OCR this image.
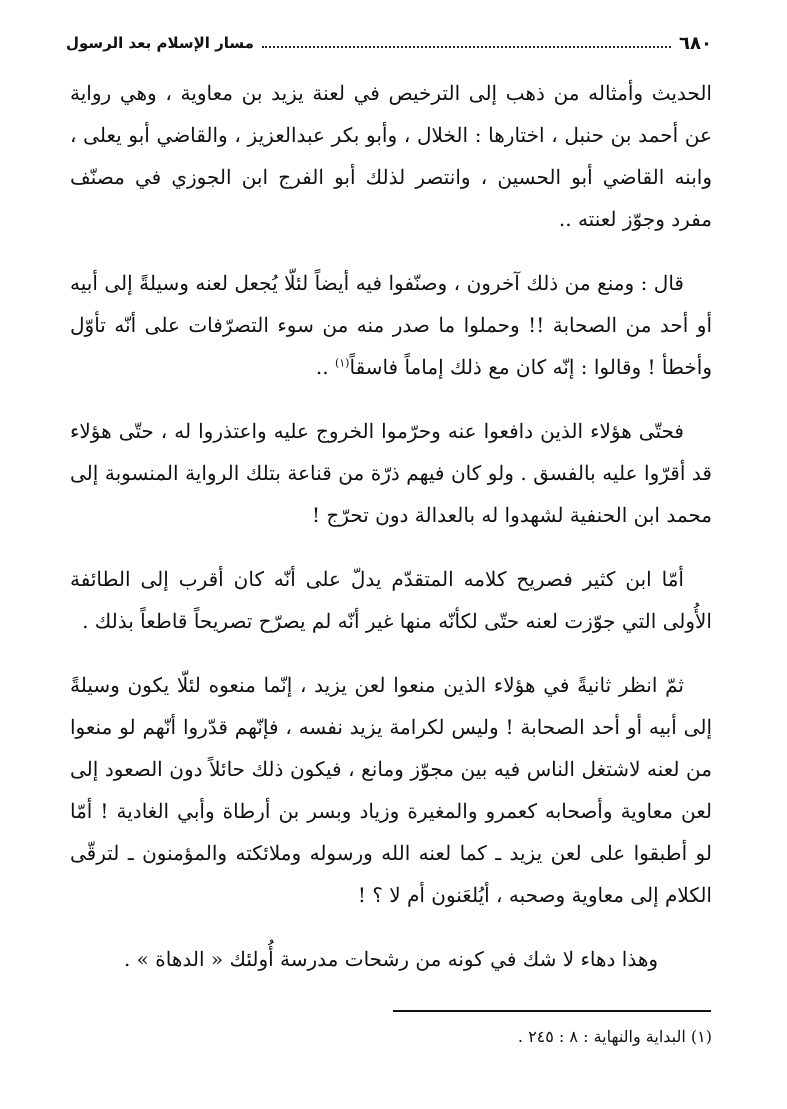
٦٨٠
مسار الإسلام بعد الرسول

الحديث وأمثاله من ذهب إلى الترخيص في لعنة يزيد بن معاوية ، وهي رواية عن أحمد بن حنبل ، اختارها : الخلال ، وأبو بكر عبدالعزيز ، والقاضي أبو يعلى ، وابنه القاضي أبو الحسين ، وانتصر لذلك أبو الفرج ابن الجوزي في مصنّف مفرد وجوّز لعنته ..

قال : ومنع من ذلك آخرون ، وصنّفوا فيه أيضاً لئلّا يُجعل لعنه وسيلةً إلى أبيه أو أحد من الصحابة !! وحملوا ما صدر منه من سوء التصرّفات على أنّه تأوّل وأخطأ ! وقالوا : إنّه كان مع ذلك إماماً فاسقاً$^{(١)}$ ..

فحتّى هؤلاء الذين دافعوا عنه وحرّموا الخروج عليه واعتذروا له ، حتّى هؤلاء قد أقرّوا عليه بالفسق . ولو كان فيهم ذرّة من قناعة بتلك الرواية المنسوبة إلى محمد ابن الحنفية لشهدوا له بالعدالة دون تحرّج !

أمّا ابن كثير فصريح كلامه المتقدّم يدلّ على أنّه كان أقرب إلى الطائفة الأُولى التي جوّزت لعنه حتّى لكأنّه منها غير أنّه لم يصرّح تصريحاً قاطعاً بذلك .

ثمّ انظر ثانيةً في هؤلاء الذين منعوا لعن يزيد ، إنّما منعوه لئلّا يكون وسيلةً إلى أبيه أو أحد الصحابة ! وليس لكرامة يزيد نفسه ، فإنّهم قدّروا أنّهم لو منعوا من لعنه لاشتغل الناس فيه بين مجوّز ومانع ، فيكون ذلك حائلاً دون الصعود إلى لعن معاوية وأصحابه كعمرو والمغيرة وزياد وبسر بن أرطاة وأبي الغادية ! أمّا لو أطبقوا على لعن يزيد ـ كما لعنه الله ورسوله وملائكته والمؤمنون ـ لترقّى الكلام إلى معاوية وصحبه ، أيُلعَنون أم لا ؟ !

وهذا دهاء لا شك في كونه من رشحات مدرسة أُولئك « الدهاة » .

(١) البداية والنهاية : ٨ : ٢٤٥ .
